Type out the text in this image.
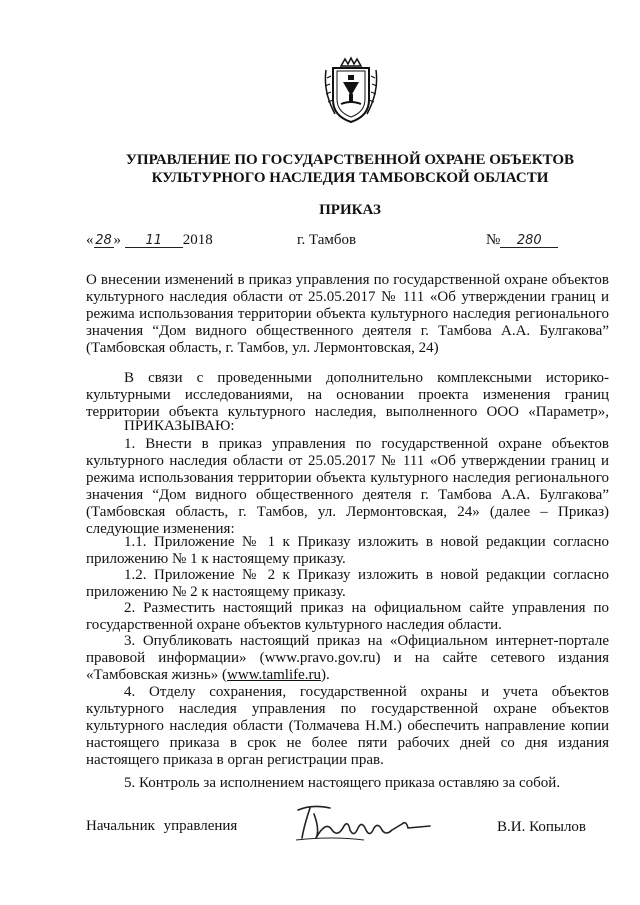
УПРАВЛЕНИЕ ПО ГОСУДАРСТВЕННОЙ ОХРАНЕ ОБЪЕКТОВ
КУЛЬТУРНОГО НАСЛЕДИЯ ТАМБОВСКОЙ ОБЛАСТИ
ПРИКАЗ
« 28 » 11 2018	г. Тамбов	№ 280
О внесении изменений в приказ управления по государственной охране объектов культурного наследия области от 25.05.2017 № 111 «Об утверждении границ и режима использования территории объекта культурного наследия регионального значения “Дом видного общественного деятеля г. Тамбова А.А. Булгакова” (Тамбовская область, г. Тамбов, ул. Лермонтовская, 24)
В связи с проведенными дополнительно комплексными историко-культурными исследованиями, на основании проекта изменения границ территории объекта культурного наследия, выполненного ООО «Параметр»,
ПРИКАЗЫВАЮ:
1. Внести в приказ управления по государственной охране объектов культурного наследия области от 25.05.2017 № 111 «Об утверждении границ и режима использования территории объекта культурного наследия регионального значения “Дом видного общественного деятеля г. Тамбова А.А. Булгакова” (Тамбовская область, г. Тамбов, ул. Лермонтовская, 24» (далее – Приказ) следующие изменения:
1.1. Приложение № 1 к Приказу изложить в новой редакции согласно приложению № 1 к настоящему приказу.
1.2. Приложение № 2 к Приказу изложить в новой редакции согласно приложению № 2 к настоящему приказу.
2. Разместить настоящий приказ на официальном сайте управления по государственной охране объектов культурного наследия области.
3. Опубликовать настоящий приказ на «Официальном интернет-портале правовой информации» (www.pravo.gov.ru) и на сайте сетевого издания «Тамбовская жизнь» (www.tamlife.ru).
4. Отделу сохранения, государственной охраны и учета объектов культурного наследия управления по государственной охране объектов культурного наследия области (Толмачева Н.М.) обеспечить направление копии настоящего приказа в срок не более пяти рабочих дней со дня издания настоящего приказа в орган регистрации прав.
5. Контроль за исполнением настоящего приказа оставляю за собой.
Начальник управления	В.И. Копылов
